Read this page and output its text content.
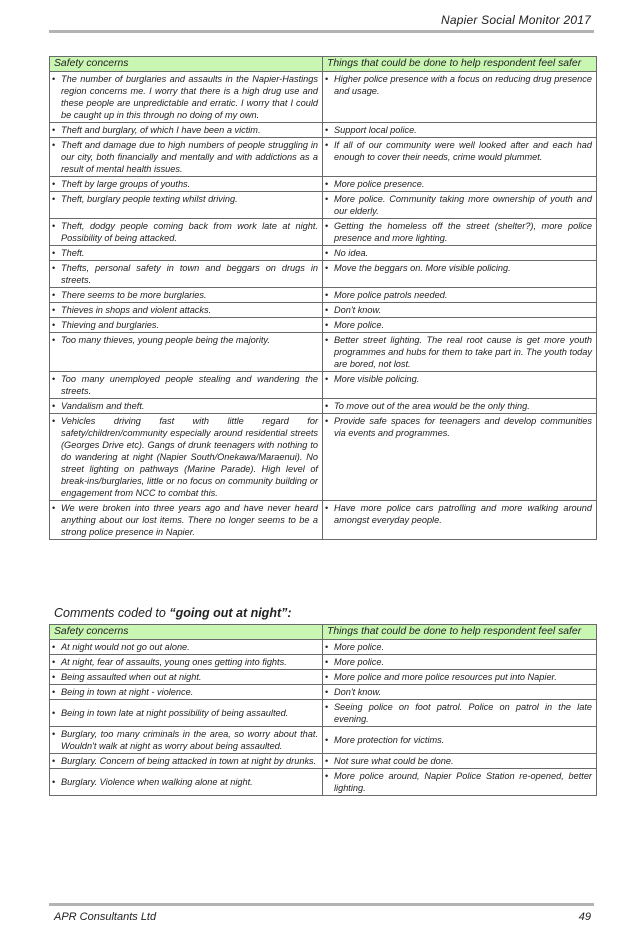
Napier Social Monitor 2017
Safety concerns	Things that could be done to help respondent feel safer

• The number of burglaries and assaults in the Napier-Hastings region concerns me. I worry that there is a high drug use and these people are unpredictable and erratic. I worry that I could be caught up in this through no doing of my own.	• Higher police presence with a focus on reducing drug presence and usage.

• Theft and burglary, of which I have been a victim.	• Support local police.

• Theft and damage due to high numbers of people struggling in our city, both financially and mentally and with addictions as a result of mental health issues.	• If all of our community were well looked after and each had enough to cover their needs, crime would plummet.

• Theft by large groups of youths.	• More police presence.

• Theft, burglary people texting whilst driving.	• More police. Community taking more ownership of youth and our elderly.

• Theft, dodgy people coming back from work late at night. Possibility of being attacked.	• Getting the homeless off the street (shelter?), more police presence and more lighting.

• Theft.	• No idea.

• Thefts, personal safety in town and beggars on drugs in streets.	• Move the beggars on. More visible policing.

• There seems to be more burglaries.	• More police patrols needed.

• Thieves in shops and violent attacks.	• Don't know.

• Thieving and burglaries.	• More police.

• Too many thieves, young people being the majority.	• Better street lighting. The real root cause is get more youth programmes and hubs for them to take part in. The youth today are bored, not lost.

• Too many unemployed people stealing and wandering the streets.	• More visible policing.

• Vandalism and theft.	• To move out of the area would be the only thing.

• Vehicles driving fast with little regard for safety/children/community especially around residential streets (Georges Drive etc). Gangs of drunk teenagers with nothing to do wandering at night (Napier South/Onekawa/Maraenui). No street lighting on pathways (Marine Parade). High level of break-ins/burglaries, little or no focus on community building or engagement from NCC to combat this.	• Provide safe spaces for teenagers and develop communities via events and programmes.

• We were broken into three years ago and have never heard anything about our lost items. There no longer seems to be a strong police presence in Napier.	• Have more police cars patrolling and more walking around amongst everyday people.
Comments coded to “going out at night”:
Safety concerns	Things that could be done to help respondent feel safer

• At night would not go out alone.	• More police.

• At night, fear of assaults, young ones getting into fights.	• More police.

• Being assaulted when out at night.	• More police and more police resources put into Napier.

• Being in town at night - violence.	• Don't know.

• Being in town late at night possibility of being assaulted.	• Seeing police on foot patrol. Police on patrol in the late evening.

• Burglary, too many criminals in the area, so worry about that. Wouldn't walk at night as worry about being assaulted.	• More protection for victims.

• Burglary. Concern of being attacked in town at night by drunks.	• Not sure what could be done.

• Burglary. Violence when walking alone at night.	• More police around, Napier Police Station re-opened, better lighting.
APR Consultants Ltd	49
